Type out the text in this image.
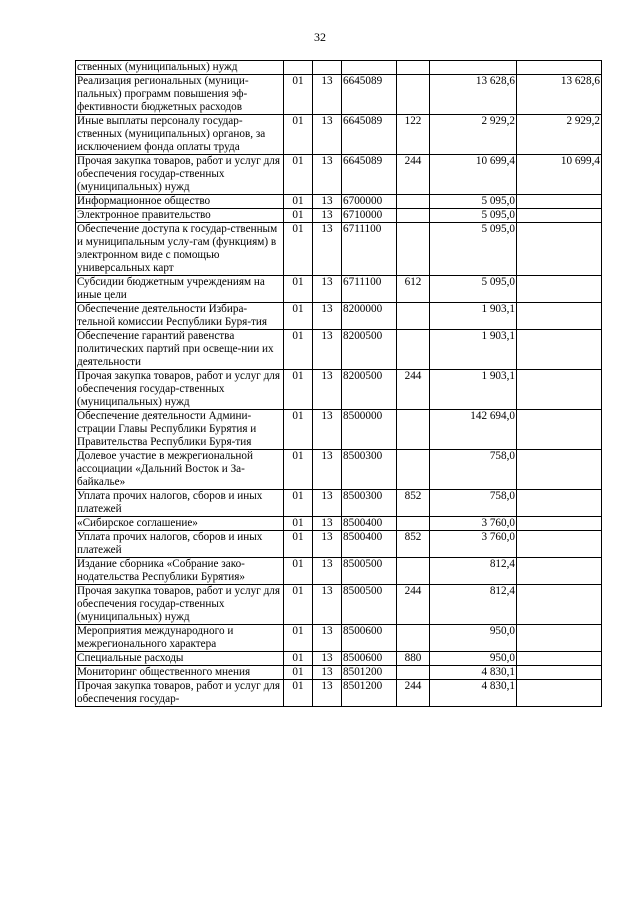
32
ственных (муниципальных) нужд						
Реализация региональных (муници-пальных) программ повышения эф-фективности бюджетных расходов	01	13	6645089		13 628,6	13 628,6
Иные выплаты персоналу государ-ственных (муниципальных) органов, за исключением фонда оплаты труда	01	13	6645089	122	2 929,2	2 929,2
Прочая закупка товаров, работ и услуг для обеспечения государ-ственных (муниципальных) нужд	01	13	6645089	244	10 699,4	10 699,4
Информационное общество	01	13	6700000		5 095,0	
Электронное правительство	01	13	6710000		5 095,0	
Обеспечение доступа к государ-ственным и муниципальным услу-гам (функциям) в электронном виде с помощью универсальных карт	01	13	6711100		5 095,0	
Субсидии бюджетным учреждениям на иные цели	01	13	6711100	612	5 095,0	
Обеспечение деятельности Избира-тельной комиссии Республики Буря-тия	01	13	8200000		1 903,1	
Обеспечение гарантий равенства политических партий при освеще-нии их деятельности	01	13	8200500		1 903,1	
Прочая закупка товаров, работ и услуг для обеспечения государ-ственных (муниципальных) нужд	01	13	8200500	244	1 903,1	
Обеспечение деятельности Админи-страции Главы Республики Бурятия и Правительства Республики Буря-тия	01	13	8500000		142 694,0	
Долевое участие в межрегиональной ассоциации «Дальний Восток и За-байкалье»	01	13	8500300		758,0	
Уплата прочих налогов, сборов и иных платежей	01	13	8500300	852	758,0	
«Сибирское соглашение»	01	13	8500400		3 760,0	
Уплата прочих налогов, сборов и иных платежей	01	13	8500400	852	3 760,0	
Издание сборника «Собрание зако-нодательства Республики Бурятия»	01	13	8500500		812,4	
Прочая закупка товаров, работ и услуг для обеспечения государ-ственных (муниципальных) нужд	01	13	8500500	244	812,4	
Мероприятия международного и межрегионального характера	01	13	8500600		950,0	
Специальные расходы	01	13	8500600	880	950,0	
Мониторинг общественного мнения	01	13	8501200		4 830,1	
Прочая закупка товаров, работ и услуг для обеспечения государ-	01	13	8501200	244	4 830,1	
